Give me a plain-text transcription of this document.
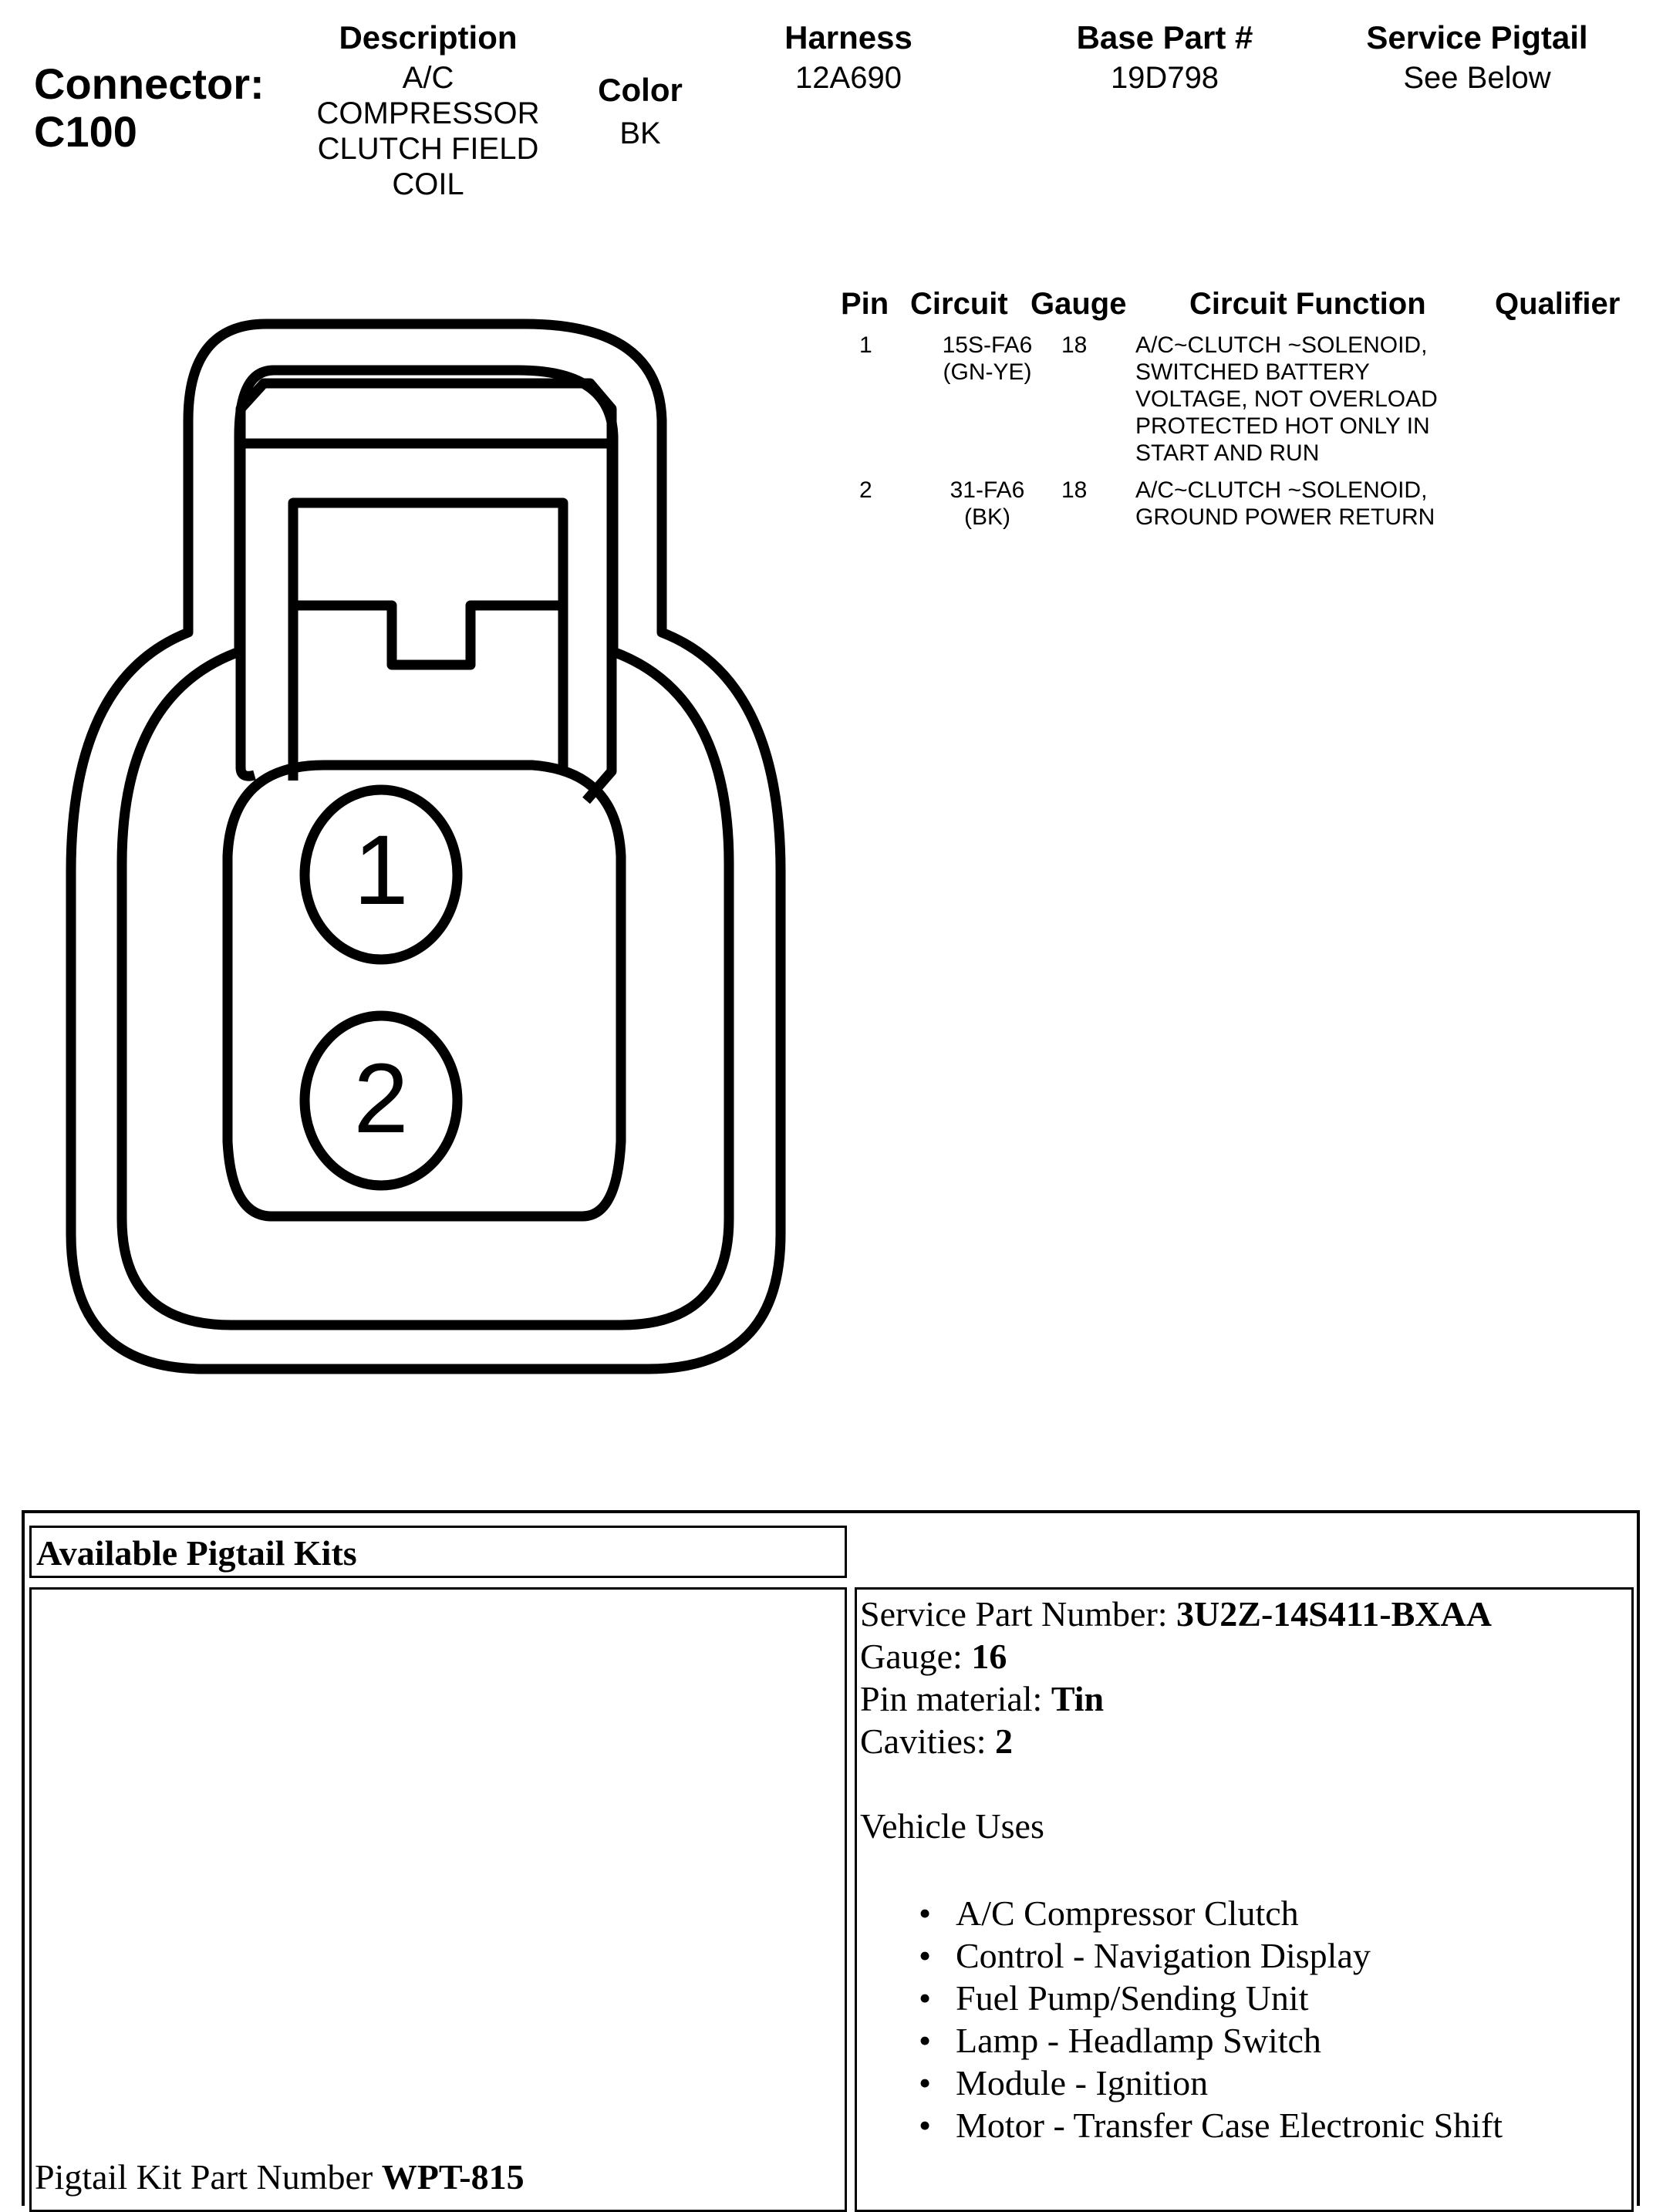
Connector:
C100
Description
A/C
COMPRESSOR
CLUTCH FIELD
COIL
Color
BK
Harness
12A690
Base Part #
19D798
Service Pigtail
See Below
Pin Circuit Gauge Circuit Function Qualifier
1	15S-FA6
(GN-YE)
18 A/C~CLUTCH ~SOLENOID,
SWITCHED BATTERY
VOLTAGE, NOT OVERLOAD
PROTECTED HOT ONLY IN
START AND RUN
2	31-FA6
(BK)
18 A/C~CLUTCH ~SOLENOID,
GROUND POWER RETURN
1
2
Available Pigtail Kits
Pigtail Kit Part Number WPT-815
Service Part Number: 3U2Z-14S411-BXAA
Gauge: 16
Pin material: Tin
Cavities: 2
Vehicle Uses
• A/C Compressor Clutch
• Control - Navigation Display
• Fuel Pump/Sending Unit
• Lamp - Headlamp Switch
• Module - Ignition
• Motor - Transfer Case Electronic Shift
